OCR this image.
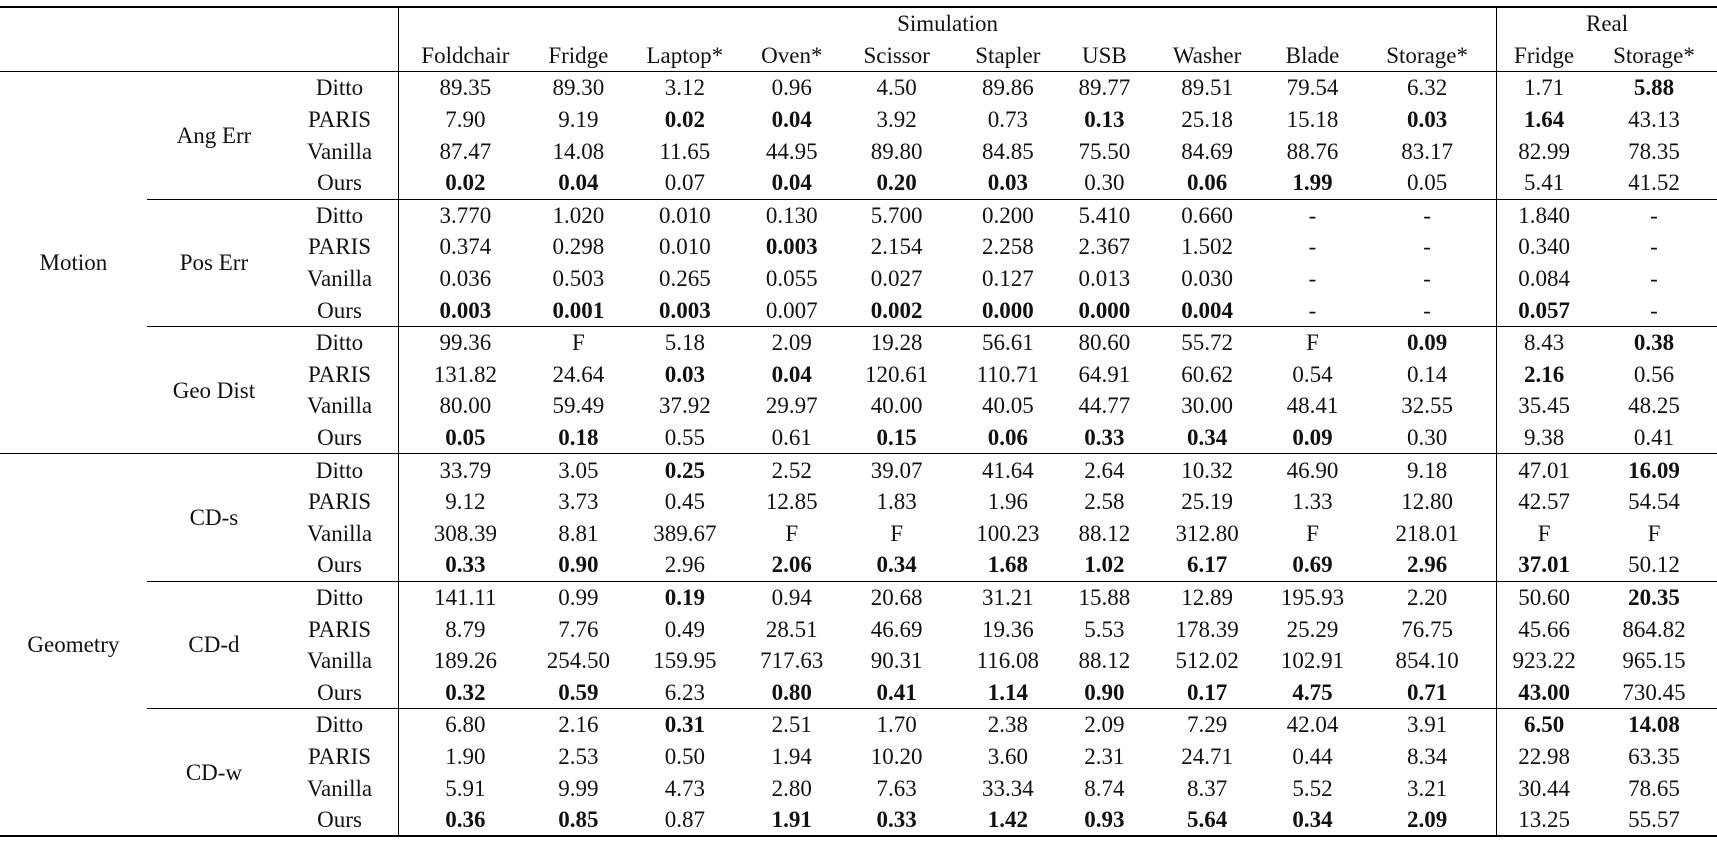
			Simulation										Real	
			Foldchair	Fridge	Laptop*	Oven*	Scissor	Stapler	USB	Washer	Blade	Storage*	Fridge	Storage*
Motion	Ang Err	Ditto	89.35	89.30	3.12	0.96	4.50	89.86	89.77	89.51	79.54	6.32	1.71	5.88
		PARIS	7.90	9.19	0.02	0.04	3.92	0.73	0.13	25.18	15.18	0.03	1.64	43.13
		Vanilla	87.47	14.08	11.65	44.95	89.80	84.85	75.50	84.69	88.76	83.17	82.99	78.35
		Ours	0.02	0.04	0.07	0.04	0.20	0.03	0.30	0.06	1.99	0.05	5.41	41.52
	Pos Err	Ditto	3.770	1.020	0.010	0.130	5.700	0.200	5.410	0.660	-	-	1.840	-
		PARIS	0.374	0.298	0.010	0.003	2.154	2.258	2.367	1.502	-	-	0.340	-
		Vanilla	0.036	0.503	0.265	0.055	0.027	0.127	0.013	0.030	-	-	0.084	-
		Ours	0.003	0.001	0.003	0.007	0.002	0.000	0.000	0.004	-	-	0.057	-
	Geo Dist	Ditto	99.36	F	5.18	2.09	19.28	56.61	80.60	55.72	F	0.09	8.43	0.38
		PARIS	131.82	24.64	0.03	0.04	120.61	110.71	64.91	60.62	0.54	0.14	2.16	0.56
		Vanilla	80.00	59.49	37.92	29.97	40.00	40.05	44.77	30.00	48.41	32.55	35.45	48.25
		Ours	0.05	0.18	0.55	0.61	0.15	0.06	0.33	0.34	0.09	0.30	9.38	0.41
Geometry	CD-s	Ditto	33.79	3.05	0.25	2.52	39.07	41.64	2.64	10.32	46.90	9.18	47.01	16.09
		PARIS	9.12	3.73	0.45	12.85	1.83	1.96	2.58	25.19	1.33	12.80	42.57	54.54
		Vanilla	308.39	8.81	389.67	F	F	100.23	88.12	312.80	F	218.01	F	F
		Ours	0.33	0.90	2.96	2.06	0.34	1.68	1.02	6.17	0.69	2.96	37.01	50.12
	CD-d	Ditto	141.11	0.99	0.19	0.94	20.68	31.21	15.88	12.89	195.93	2.20	50.60	20.35
		PARIS	8.79	7.76	0.49	28.51	46.69	19.36	5.53	178.39	25.29	76.75	45.66	864.82
		Vanilla	189.26	254.50	159.95	717.63	90.31	116.08	88.12	512.02	102.91	854.10	923.22	965.15
		Ours	0.32	0.59	6.23	0.80	0.41	1.14	0.90	0.17	4.75	0.71	43.00	730.45
	CD-w	Ditto	6.80	2.16	0.31	2.51	1.70	2.38	2.09	7.29	42.04	3.91	6.50	14.08
		PARIS	1.90	2.53	0.50	1.94	10.20	3.60	2.31	24.71	0.44	8.34	22.98	63.35
		Vanilla	5.91	9.99	4.73	2.80	7.63	33.34	8.74	8.37	5.52	3.21	30.44	78.65
		Ours	0.36	0.85	0.87	1.91	0.33	1.42	0.93	5.64	0.34	2.09	13.25	55.57
